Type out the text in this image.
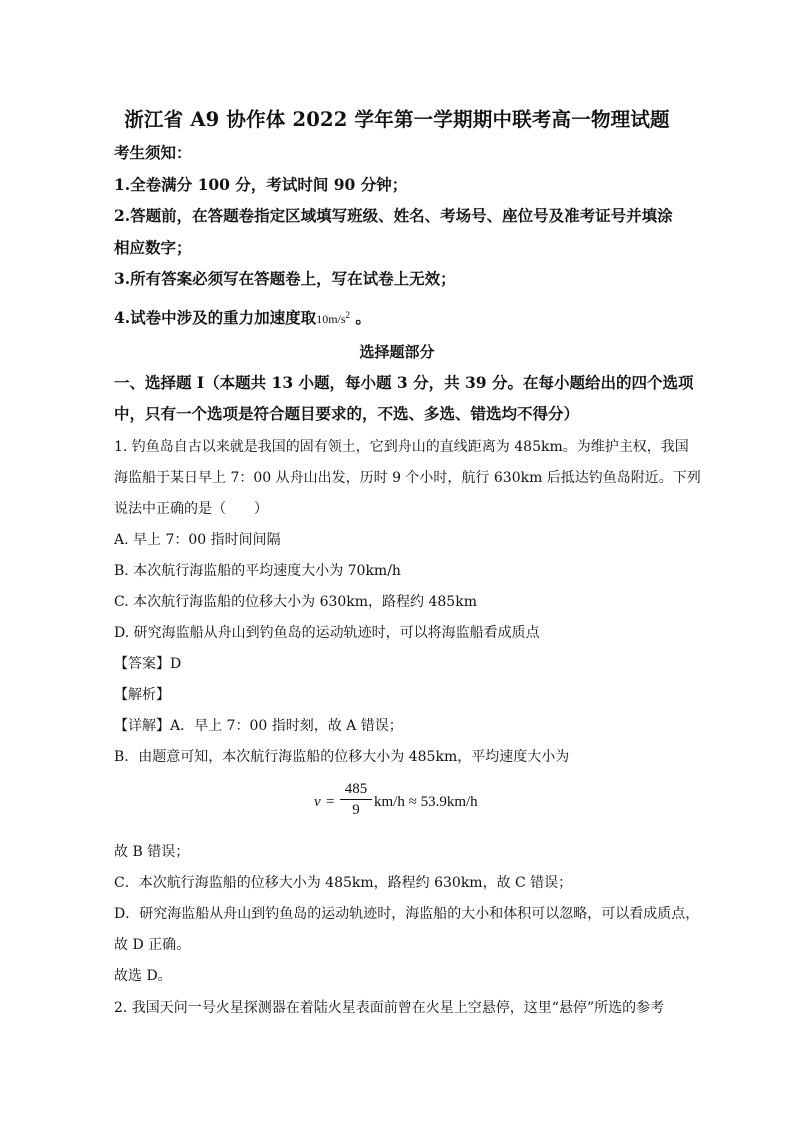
浙江省 A9 协作体 2022 学年第一学期期中联考高一物理试题
考生须知：
1.全卷满分 100 分，考试时间 90 分钟；
2.答题前，在答题卷指定区域填写班级、姓名、考场号、座位号及准考证号并填涂
相应数字；
3.所有答案必须写在答题卷上，写在试卷上无效；
4.试卷中涉及的重力加速度取$10m/s^2$ 。
选择题部分
一、选择题 I（本题共 13 小题，每小题 3 分，共 39 分。在每小题给出的四个选项
中，只有一个选项是符合题目要求的，不选、多选、错选均不得分）
1. 钓鱼岛自古以来就是我国的固有领土，它到舟山的直线距离为 485km。为维护主权，我国
海监船于某日早上 7：00 从舟山出发，历时 9 个小时，航行 630km 后抵达钓鱼岛附近。下列
说法中正确的是（　　）
A. 早上 7：00 指时间间隔
B. 本次航行海监船的平均速度大小为 70km/h
C. 本次航行海监船的位移大小为 630km，路程约 485km
D. 研究海监船从舟山到钓鱼岛的运动轨迹时，可以将海监船看成质点
【答案】D
【解析】
【详解】A．早上 7：00 指时刻，故 A 错误；
B．由题意可知，本次航行海监船的位移大小为 485km，平均速度大小为
v =
485
9 km/h ≈ 53.9km/h
故 B 错误；
C．本次航行海监船的位移大小为 485km，路程约 630km，故 C 错误；
D．研究海监船从舟山到钓鱼岛的运动轨迹时，海监船的大小和体积可以忽略，可以看成质点，
故 D 正确。
故选 D。
2. 我国天问一号火星探测器在着陆火星表面前曾在火星上空悬停，这里“悬停”所选的参考
